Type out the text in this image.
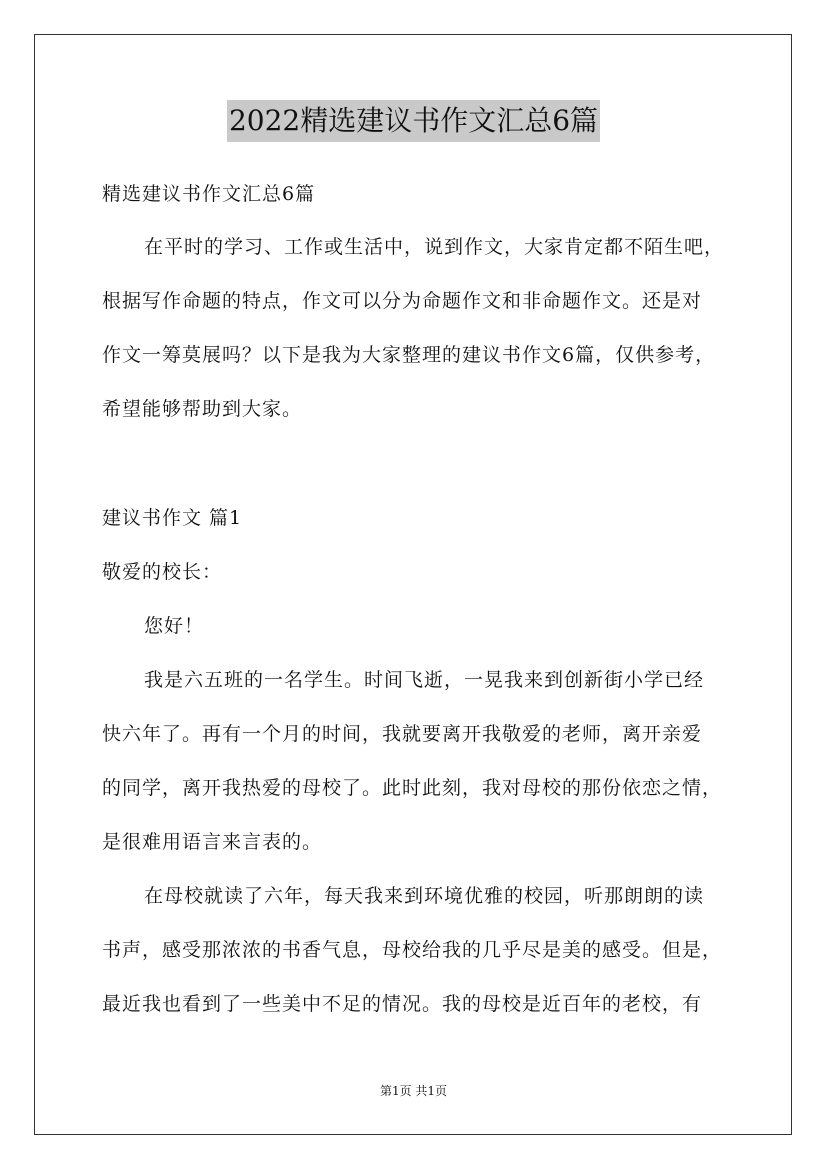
2022精选建议书作文汇总6篇
精选建议书作文汇总6篇
在平时的学习、工作或生活中，说到作文，大家肯定都不陌生吧，
根据写作命题的特点，作文可以分为命题作文和非命题作文。还是对
作文一筹莫展吗？以下是我为大家整理的建议书作文6篇，仅供参考，
希望能够帮助到大家。
建议书作文 篇1
敬爱的校长：
您好！
我是六五班的一名学生。时间飞逝，一晃我来到创新街小学已经
快六年了。再有一个月的时间，我就要离开我敬爱的老师，离开亲爱
的同学，离开我热爱的母校了。此时此刻，我对母校的那份依恋之情，
是很难用语言来言表的。
在母校就读了六年，每天我来到环境优雅的校园，听那朗朗的读
书声，感受那浓浓的书香气息，母校给我的几乎尽是美的感受。但是，
最近我也看到了一些美中不足的情况。我的母校是近百年的老校，有
第1页 共1页
